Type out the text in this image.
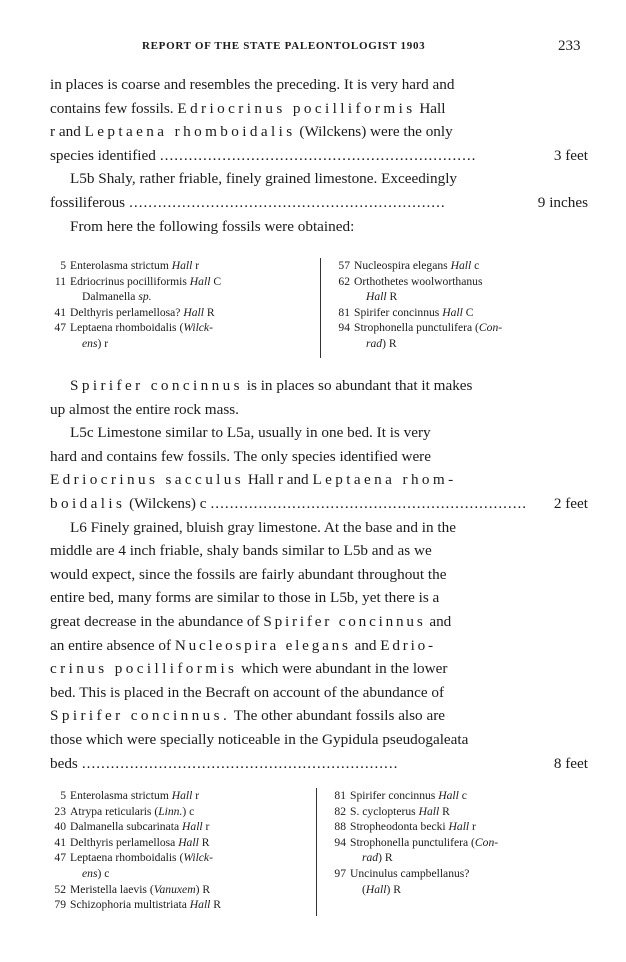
REPORT OF THE STATE PALEONTOLOGIST 1903	233

in places is coarse and resembles the preceding. It is very hard and

contains few fossils. Edriocrinus pocilliformis Hall

r and Leptaena rhomboidalis (Wilckens) were the only

species identified ..................................................................	3 feet

L5b Shaly, rather friable, finely grained limestone. Exceedingly

fossiliferous ..................................................................	9 inches

From here the following fossils were obtained:

5 Enterolasma strictum Hall r
11 Edriocrinus pocilliformis Hall C
Dalmanella sp.
41 Delthyris perlamellosa? Hall R
47 Leptaena rhomboidalis (Wilck-
ens) r
57 Nucleospira elegans Hall c
62 Orthothetes woolworthanus
Hall R
81 Spirifer concinnus Hall C
94 Strophonella punctulifera (Con-
rad) R

Spirifer concinnus is in places so abundant that it makes

up almost the entire rock mass.

L5c Limestone similar to L5a, usually in one bed. It is very

hard and contains few fossils. The only species identified were

Edriocrinus sacculus Hall r and Leptaena rhom-

boidalis (Wilckens) c ..................................................................	2 feet

L6 Finely grained, bluish gray limestone. At the base and in the

middle are 4 inch friable, shaly bands similar to L5b and as we

would expect, since the fossils are fairly abundant throughout the

entire bed, many forms are similar to those in L5b, yet there is a

great decrease in the abundance of Spirifer concinnus and

an entire absence of Nucleospira elegans and Edrio-

crinus pocilliformis which were abundant in the lower

bed. This is placed in the Becraft on account of the abundance of

Spirifer concinnus. The other abundant fossils also are

those which were specially noticeable in the Gypidula pseudogaleata

beds ..................................................................	8 feet
5 Enterolasma strictum Hall r
23 Atrypa reticularis (Linn.) c
40 Dalmanella subcarinata Hall r
41 Delthyris perlamellosa Hall R
47 Leptaena rhomboidalis (Wilck-
ens) c
52 Meristella laevis (Vanuxem) R
79 Schizophoria multistriata Hall R
81 Spirifer concinnus Hall c
82 S. cyclopterus Hall R
88 Stropheodonta becki Hall r
94 Strophonella punctulifera (Con-
rad) R
97 Uncinulus campbellanus?
(Hall) R
